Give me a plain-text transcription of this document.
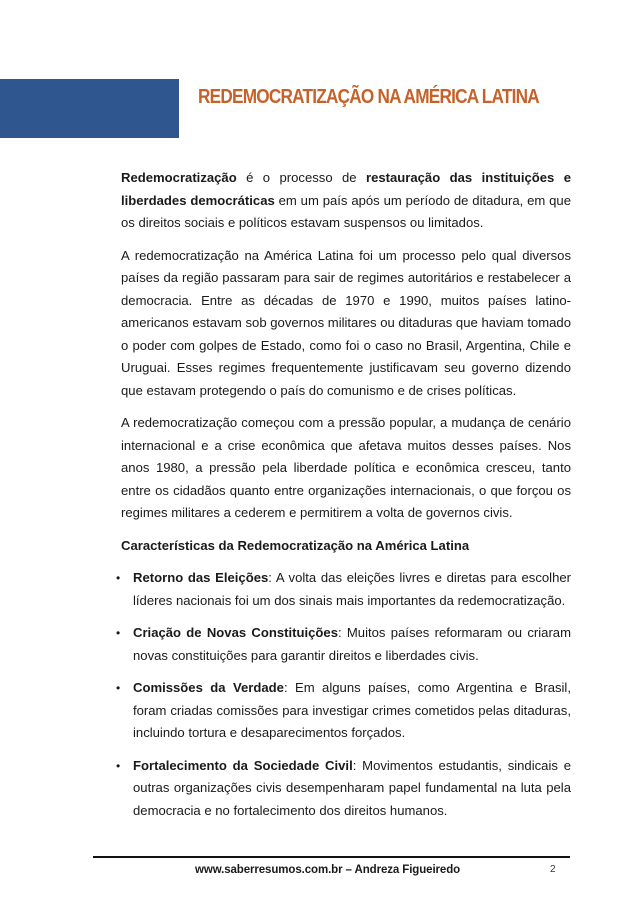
REDEMOCRATIZAÇÃO NA AMÉRICA LATINA

Redemocratização é o processo de restauração das instituições e liberdades democráticas em um país após um período de ditadura, em que os direitos sociais e políticos estavam suspensos ou limitados.

A redemocratização na América Latina foi um processo pelo qual diversos países da região passaram para sair de regimes autoritários e restabelecer a democracia. Entre as décadas de 1970 e 1990, muitos países latino-americanos estavam sob governos militares ou ditaduras que haviam tomado o poder com golpes de Estado, como foi o caso no Brasil, Argentina, Chile e Uruguai. Esses regimes frequentemente justificavam seu governo dizendo que estavam protegendo o país do comunismo e de crises políticas.

A redemocratização começou com a pressão popular, a mudança de cenário internacional e a crise econômica que afetava muitos desses países. Nos anos 1980, a pressão pela liberdade política e econômica cresceu, tanto entre os cidadãos quanto entre organizações internacionais, o que forçou os regimes militares a cederem e permitirem a volta de governos civis.

Características da Redemocratização na América Latina
• Retorno das Eleições: A volta das eleições livres e diretas para escolher líderes nacionais foi um dos sinais mais importantes da redemocratização.
• Criação de Novas Constituições: Muitos países reformaram ou criaram novas constituições para garantir direitos e liberdades civis.
• Comissões da Verdade: Em alguns países, como Argentina e Brasil, foram criadas comissões para investigar crimes cometidos pelas ditaduras, incluindo tortura e desaparecimentos forçados.
• Fortalecimento da Sociedade Civil: Movimentos estudantis, sindicais e outras organizações civis desempenharam papel fundamental na luta pela democracia e no fortalecimento dos direitos humanos.
www.saberresumos.com.br – Andreza Figueiredo	2
